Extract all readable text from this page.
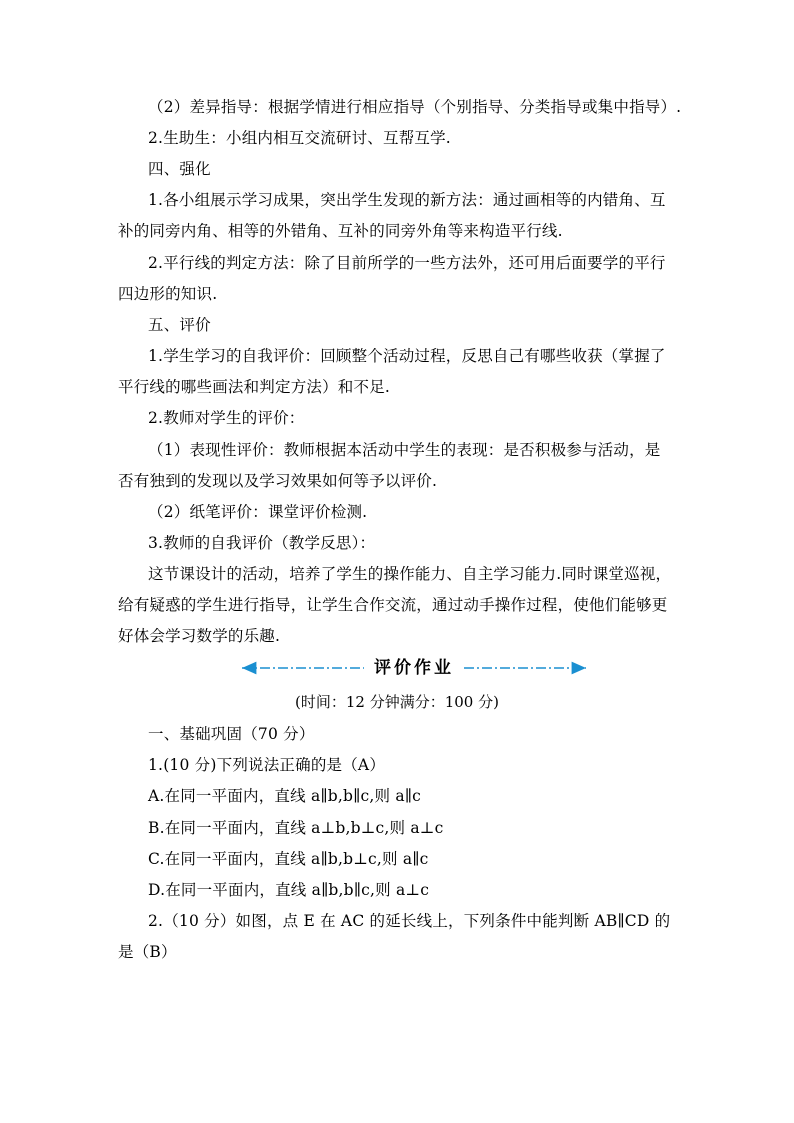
（2）差异指导：根据学情进行相应指导（个别指导、分类指导或集中指导）.
2.生助生：小组内相互交流研讨、互帮互学.
四、强化
1.各小组展示学习成果，突出学生发现的新方法：通过画相等的内错角、互
补的同旁内角、相等的外错角、互补的同旁外角等来构造平行线.
2.平行线的判定方法：除了目前所学的一些方法外，还可用后面要学的平行
四边形的知识.
五、评价
1.学生学习的自我评价：回顾整个活动过程，反思自己有哪些收获（掌握了
平行线的哪些画法和判定方法）和不足.
2.教师对学生的评价：
（1）表现性评价：教师根据本活动中学生的表现：是否积极参与活动，是
否有独到的发现以及学习效果如何等予以评价.
（2）纸笔评价：课堂评价检测.
3.教师的自我评价（教学反思）：
这节课设计的活动，培养了学生的操作能力、自主学习能力.同时课堂巡视，
给有疑惑的学生进行指导，让学生合作交流，通过动手操作过程，使他们能够更
好体会学习数学的乐趣.
评价作业
(时间：12 分钟满分：100 分)
一、基础巩固（70 分）
1.(10 分)下列说法正确的是（A）
A.在同一平面内，直线 a∥b,b∥c,则 a∥c
B.在同一平面内，直线 a⊥b,b⊥c,则 a⊥c
C.在同一平面内，直线 a∥b,b⊥c,则 a∥c
D.在同一平面内，直线 a∥b,b∥c,则 a⊥c
2.（10 分）如图，点 E 在 AC 的延长线上，下列条件中能判断 AB∥CD 的
是（B）
